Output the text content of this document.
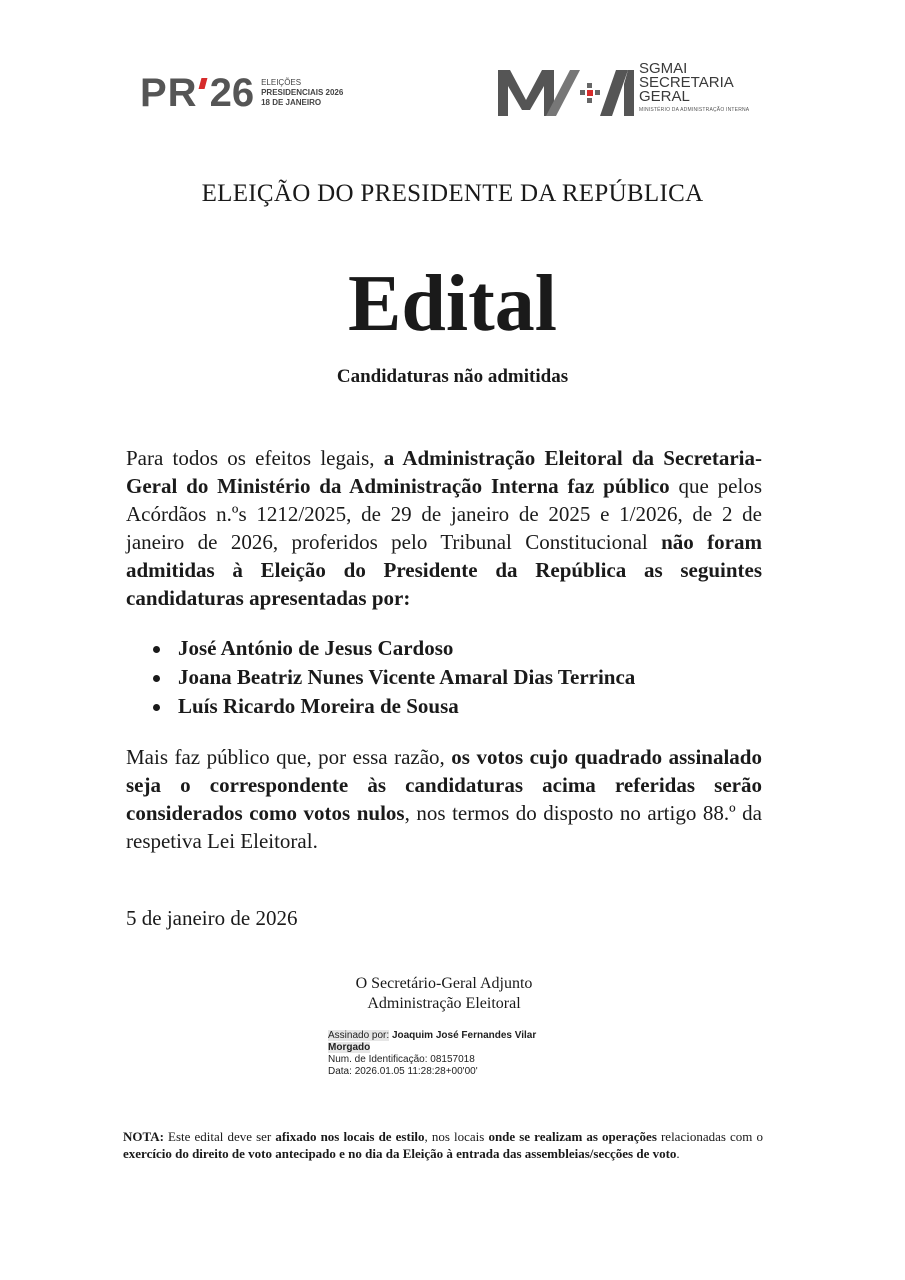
PR 26 ELEIÇÕES
PRESIDENCIAIS 2026
18 DE JANEIRO
SGMAI
SECRETARIA
GERAL
MINISTÉRIO DA ADMINISTRAÇÃO INTERNA
ELEIÇÃO DO PRESIDENTE DA REPÚBLICA
Edital
Candidaturas não admitidas
Para todos os efeitos legais, a Administração Eleitoral da Secretaria-Geral do Ministério da Administração Interna faz público que pelos Acórdãos n.ºs 1212/2025, de 29 de janeiro de 2025 e 1/2026, de 2 de janeiro de 2026, proferidos pelo Tribunal Constitucional não foram admitidas à Eleição do Presidente da República as seguintes candidaturas apresentadas por:
José António de Jesus Cardoso
Joana Beatriz Nunes Vicente Amaral Dias Terrinca
Luís Ricardo Moreira de Sousa
Mais faz público que, por essa razão, os votos cujo quadrado assinalado seja o correspondente às candidaturas acima referidas serão considerados como votos nulos, nos termos do disposto no artigo 88.º da respetiva Lei Eleitoral.
5 de janeiro de 2026
O Secretário-Geral Adjunto
Administração Eleitoral
Assinado por: Joaquim José Fernandes Vilar
Morgado
Num. de Identificação: 08157018
Data: 2026.01.05 11:28:28+00'00'
NOTA: Este edital deve ser afixado nos locais de estilo, nos locais onde se realizam as operações relacionadas com o exercício do direito de voto antecipado e no dia da Eleição à entrada das assembleias/secções de voto.
